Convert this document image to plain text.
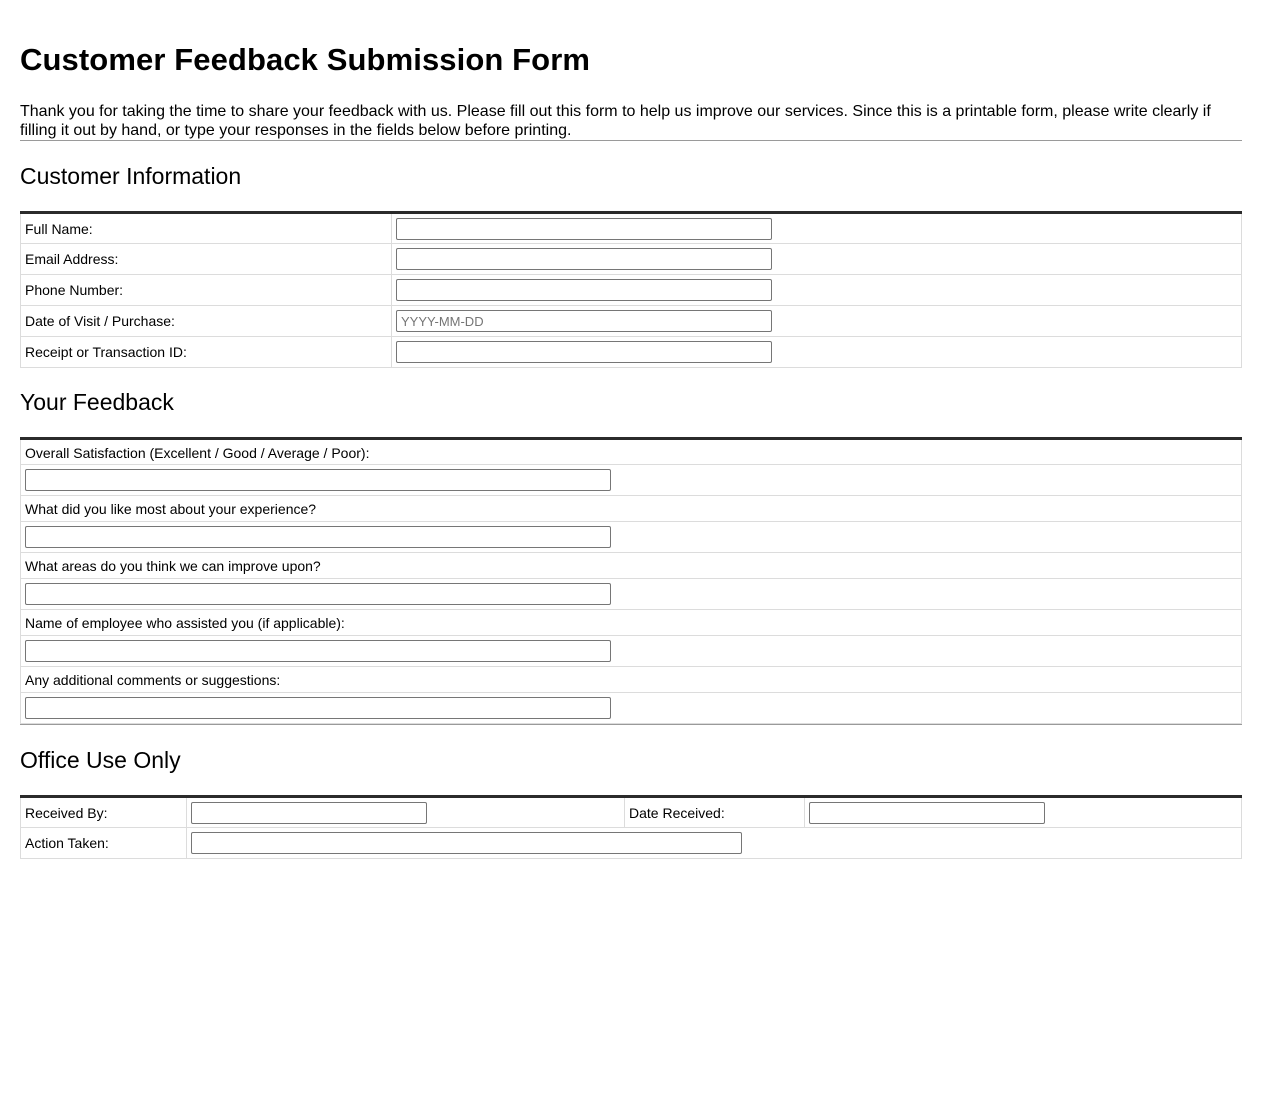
Customer Feedback Submission Form

Thank you for taking the time to share your feedback with us. Please fill out this form to help us improve our services. Since this is a printable form, please write clearly if filling it out by hand, or type your responses in the fields below before printing.

Customer Information
Full Name:	

Email Address:	

Phone Number:	

Date of Visit / Purchase:	
YYYY-MM-DD
Receipt or Transaction ID:	
Your Feedback
Overall Satisfaction (Excellent / Good / Average / Poor):

What did you like most about your experience?

What areas do you think we can improve upon?

Name of employee who assisted you (if applicable):

Any additional comments or suggestions:

Office Use Only
Received By:		Date Received:	

Action Taken:	
